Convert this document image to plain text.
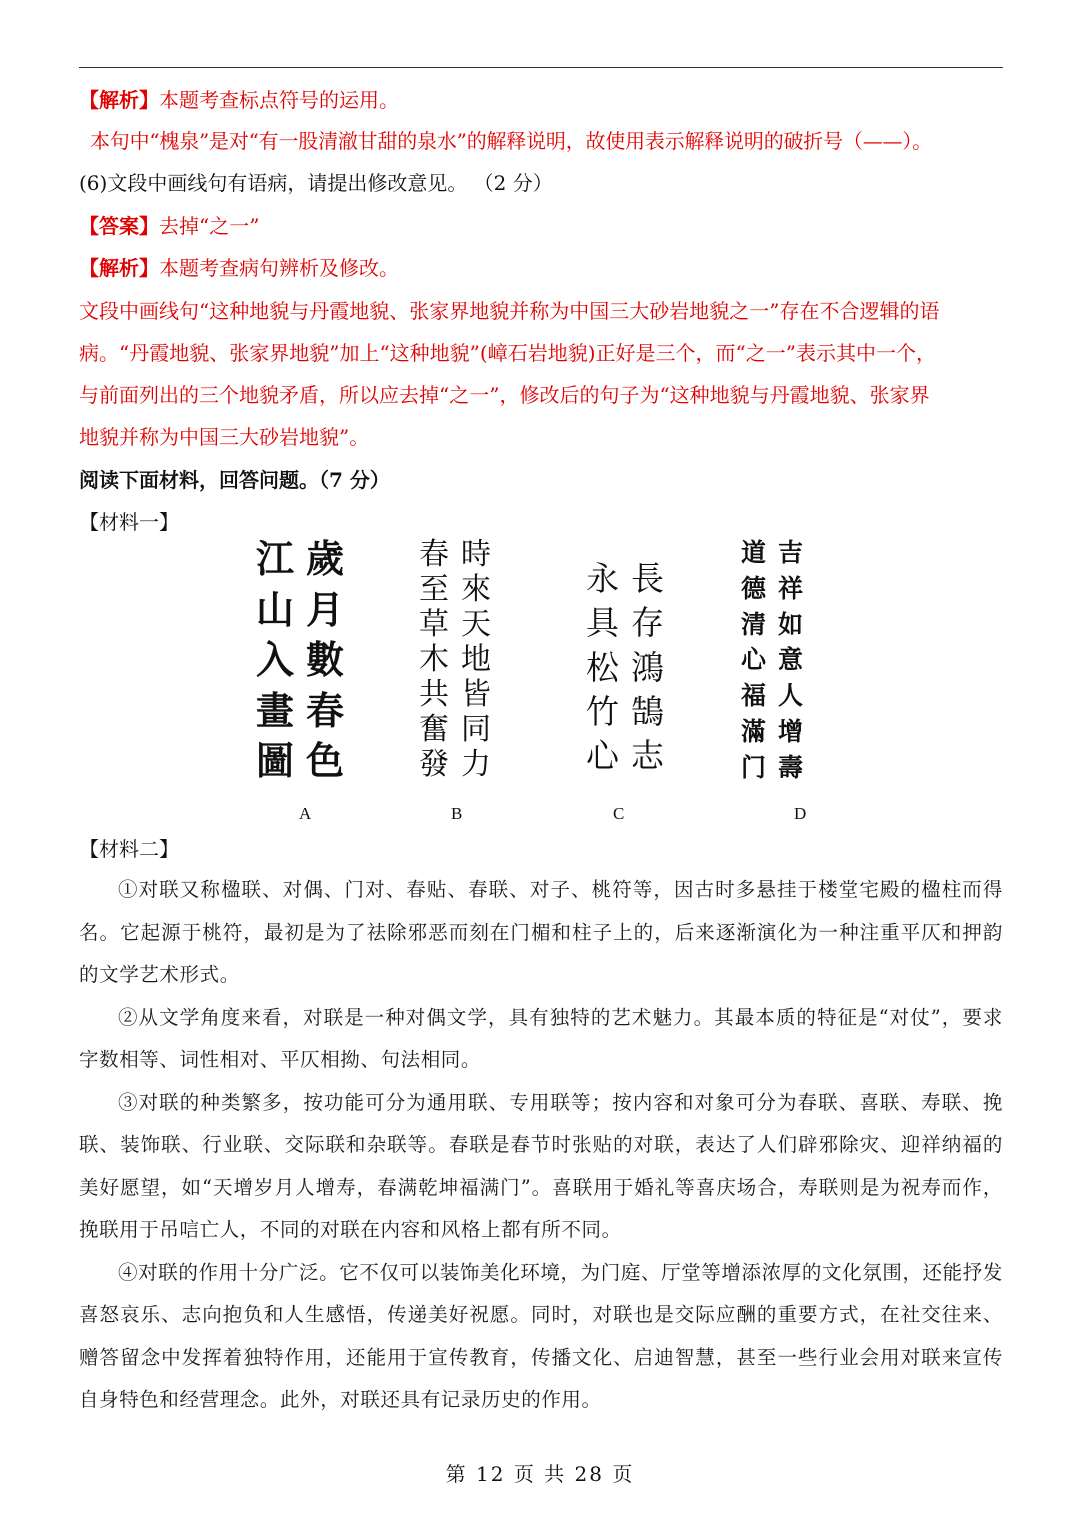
【解析】本题考查标点符号的运用。
本句中“槐泉”是对“有一股清澈甘甜的泉水”的解释说明，故使用表示解释说明的破折号（——）。
(6)文段中画线句有语病，请提出修改意见。 （2 分）
【答案】去掉“之一”
【解析】本题考查病句辨析及修改。
文段中画线句“这种地貌与丹霞地貌、张家界地貌并称为中国三大砂岩地貌之一”存在不合逻辑的语
病。“丹霞地貌、张家界地貌”加上“这种地貌”(嶂石岩地貌)正好是三个，而“之一”表示其中一个，
与前面列出的三个地貌矛盾，所以应去掉“之一”，修改后的句子为“这种地貌与丹霞地貌、张家界
地貌并称为中国三大砂岩地貌”。
阅读下面材料，回答问题。（7 分）
【材料一】
歲
月
數
春
色
江
山
入
畫
圖
時
來
天
地
皆
同
力
春
至
草
木
共
奮
發
長
存
鴻
鵠
志
永
具
松
竹
心
吉
祥
如
意
人
增
壽
道
德
清
心
福
滿
门
A	B	C	D
【材料二】

①对联又称楹联、对偶、门对、春贴、春联、对子、桃符等，因古时多悬挂于楼堂宅殿的楹柱而得名。它起源于桃符，最初是为了祛除邪恶而刻在门楣和柱子上的，后来逐渐演化为一种注重平仄和押韵的文学艺术形式。

②从文学角度来看，对联是一种对偶文学，具有独特的艺术魅力。其最本质的特征是“对仗”，要求字数相等、词性相对、平仄相拗、句法相同。

③对联的种类繁多，按功能可分为通用联、专用联等；按内容和对象可分为春联、喜联、寿联、挽联、装饰联、行业联、交际联和杂联等。春联是春节时张贴的对联，表达了人们辟邪除灾、迎祥纳福的美好愿望，如“天增岁月人增寿，春满乾坤福满门”。喜联用于婚礼等喜庆场合，寿联则是为祝寿而作，挽联用于吊唁亡人，不同的对联在内容和风格上都有所不同。

④对联的作用十分广泛。它不仅可以装饰美化环境，为门庭、厅堂等增添浓厚的文化氛围，还能抒发喜怒哀乐、志向抱负和人生感悟，传递美好祝愿。同时，对联也是交际应酬的重要方式，在社交往来、赠答留念中发挥着独特作用，还能用于宣传教育，传播文化、启迪智慧，甚至一些行业会用对联来宣传自身特色和经营理念。此外，对联还具有记录历史的作用。

第 12 页 共 28 页
